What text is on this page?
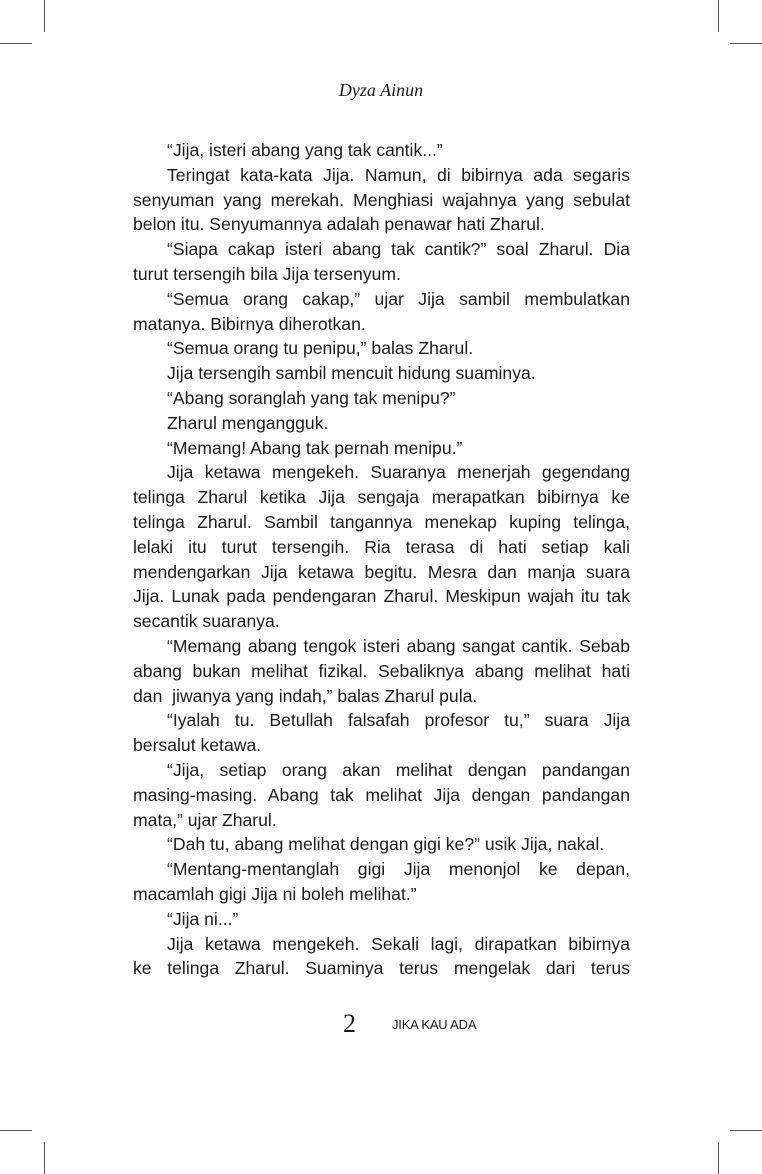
Dyza Ainun
“Jija, isteri abang yang tak cantik...”
Teringat kata-kata Jija. Namun, di bibirnya ada segaris
senyuman yang merekah. Menghiasi wajahnya yang sebulat
belon itu. Senyumannya adalah penawar hati Zharul.
“Siapa cakap isteri abang tak cantik?” soal Zharul. Dia
turut tersengih bila Jija tersenyum.
“Semua orang cakap,” ujar Jija sambil membulatkan
matanya. Bibirnya diherotkan.
“Semua orang tu penipu,” balas Zharul.
Jija tersengih sambil mencuit hidung suaminya.
“Abang soranglah yang tak menipu?”
Zharul mengangguk.
“Memang! Abang tak pernah menipu.”
Jija ketawa mengekeh. Suaranya menerjah gegendang
telinga Zharul ketika Jija sengaja merapatkan bibirnya ke
telinga Zharul. Sambil tangannya menekap kuping telinga,
lelaki itu turut tersengih. Ria terasa di hati setiap kali
mendengarkan Jija ketawa begitu. Mesra dan manja suara
Jija. Lunak pada pendengaran Zharul. Meskipun wajah itu tak
secantik suaranya.
“Memang abang tengok isteri abang sangat cantik. Sebab
abang bukan melihat fizikal. Sebaliknya abang melihat hati
dan  jiwanya yang indah,” balas Zharul pula.
“Iyalah tu. Betullah falsafah profesor tu,” suara Jija
bersalut ketawa.
“Jija, setiap orang akan melihat dengan pandangan
masing-masing. Abang tak melihat Jija dengan pandangan
mata,” ujar Zharul.
“Dah tu, abang melihat dengan gigi ke?” usik Jija, nakal.
“Mentang-mentanglah gigi Jija menonjol ke depan,
macamlah gigi Jija ni boleh melihat.”
“Jija ni...”
Jija ketawa mengekeh. Sekali lagi, dirapatkan bibirnya
ke telinga Zharul. Suaminya terus mengelak dari terus
2	JIKA KAU ADA
